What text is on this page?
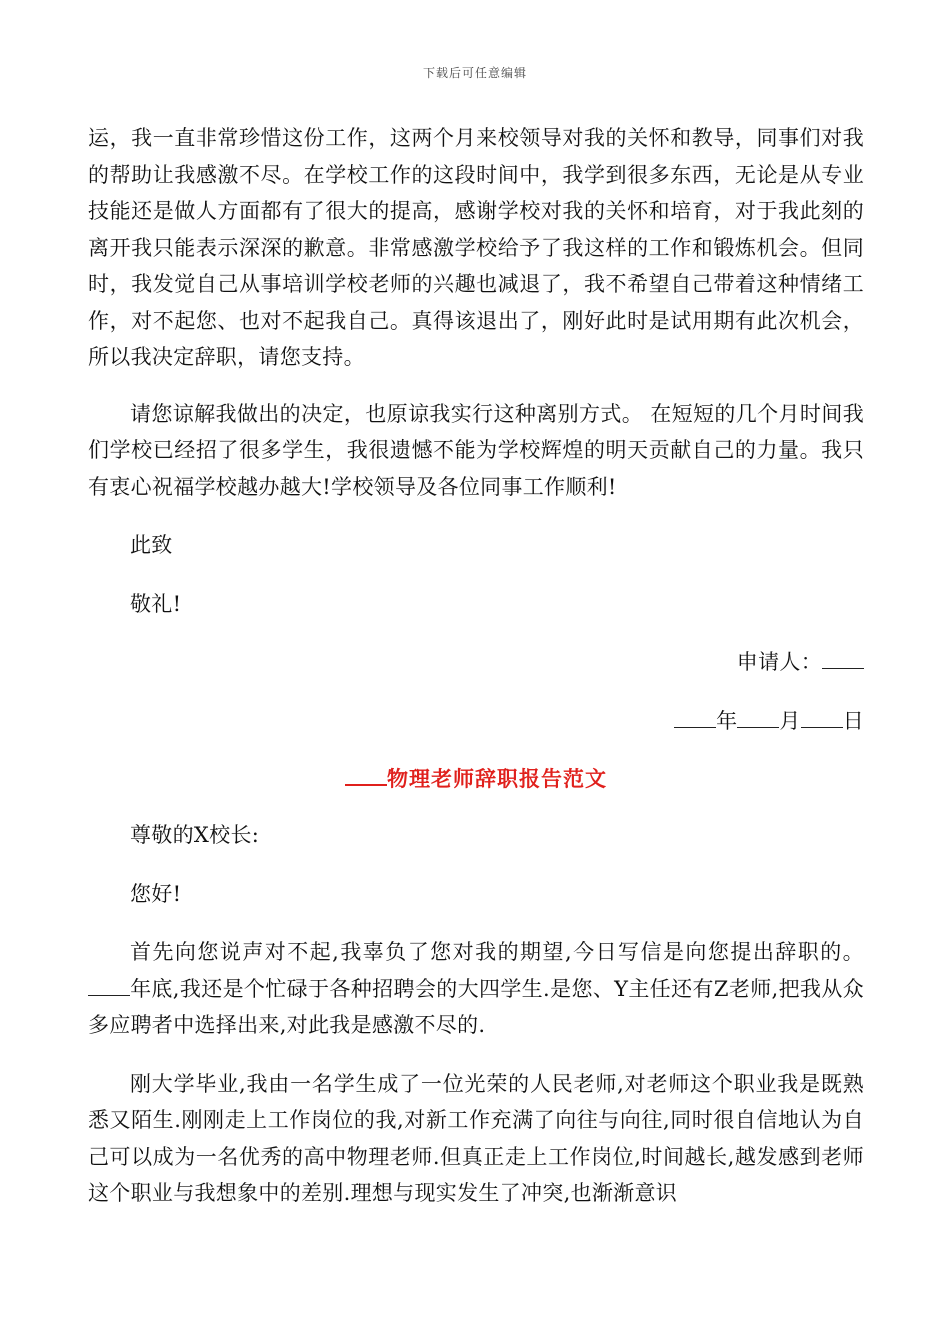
下载后可任意编辑

运，我一直非常珍惜这份工作，这两个月来校领导对我的关怀和教导，同事们对我的帮助让我感激不尽。在学校工作的这段时间中，我学到很多东西，无论是从专业技能还是做人方面都有了很大的提高，感谢学校对我的关怀和培育，对于我此刻的离开我只能表示深深的歉意。非常感激学校给予了我这样的工作和锻炼机会。但同时，我发觉自己从事培训学校老师的兴趣也减退了，我不希望自己带着这种情绪工作，对不起您、也对不起我自己。真得该退出了，刚好此时是试用期有此次机会，所以我决定辞职，请您支持。

请您谅解我做出的决定，也原谅我实行这种离别方式。 在短短的几个月时间我们学校已经招了很多学生，我很遗憾不能为学校辉煌的明天贡献自己的力量。我只有衷心祝福学校越办越大!学校领导及各位同事工作顺利!

此致

敬礼!

申请人：

年 月 日

物理老师辞职报告范文

尊敬的X校长:

您好!

首先向您说声对不起,我辜负了您对我的期望,今日写信是向您提出辞职的。年底,我还是个忙碌于各种招聘会的大四学生.是您、Y主任还有Z老师,把我从众多应聘者中选择出来,对此我是感激不尽的.

刚大学毕业,我由一名学生成了一位光荣的人民老师,对老师这个职业我是既熟悉又陌生.刚刚走上工作岗位的我,对新工作充满了向往与向往,同时很自信地认为自己可以成为一名优秀的高中物理老师.但真正走上工作岗位,时间越长,越发感到老师这个职业与我想象中的差别.理想与现实发生了冲突,也渐渐意识
